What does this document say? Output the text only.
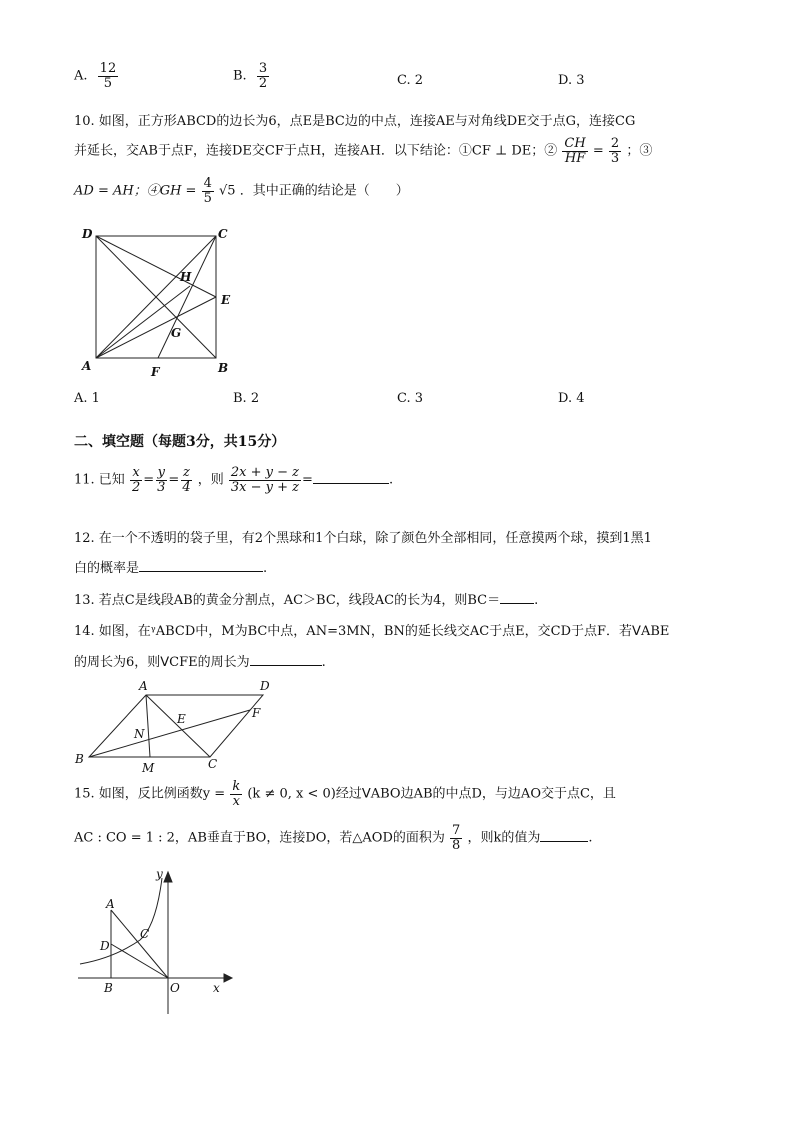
A. $\frac{12}{5}$	B. $\frac{3}{2}$	C. 2	D. 3
10. 如图，正方形ABCD的边长为6，点E是BC边的中点，连接AE与对角线DE交于点G，连接CG
并延长，交AB于点F，连接DE交CF于点H，连接AH．以下结论：①CF ⊥ DE；② $\frac{CH}{HF} = \frac{2}{3}$ ；③
AD = AH；④GH = $\frac{4}{5} √5$ ．其中正确的结论是（　　）
D	C
H
E
G
A	F	B
A. 1	B. 2	C. 3	D. 4
二、填空题（每题3分，共15分）
11. 已知 $\frac{x}{2} = \frac{y}{3} = \frac{z}{4}$ ，则 $\frac{2x + y - z}{3x - y + z}$ =	.
12. 在一个不透明的袋子里，有2个黑球和1个白球，除了颜色外全部相同，任意摸两个球，摸到1黑1
白的概率是	.
13. 若点C是线段AB的黄金分割点，AC＞BC，线段AC的长为4，则BC＝	.
14. 如图，在ᵞABCD中，M为BC中点，AN=3MN，BN的延长线交AC于点E，交CD于点F．若ᐯABE
的周长为6，则ᐯCFE的周长为	.
A	D
E	F
N
B
M	C
15. 如图，反比例函数$y = \frac{k}{x} (k \ne 0$, x < 0)经过ᐯABO边AB的中点D，与边AO交于点C，且
AC : CO = 1 : 2，AB垂直于BO，连接DO，若△AOD的面积为 $\frac{7}{8}$ ，则k的值为	.
y
A
C
D
B	O	x
